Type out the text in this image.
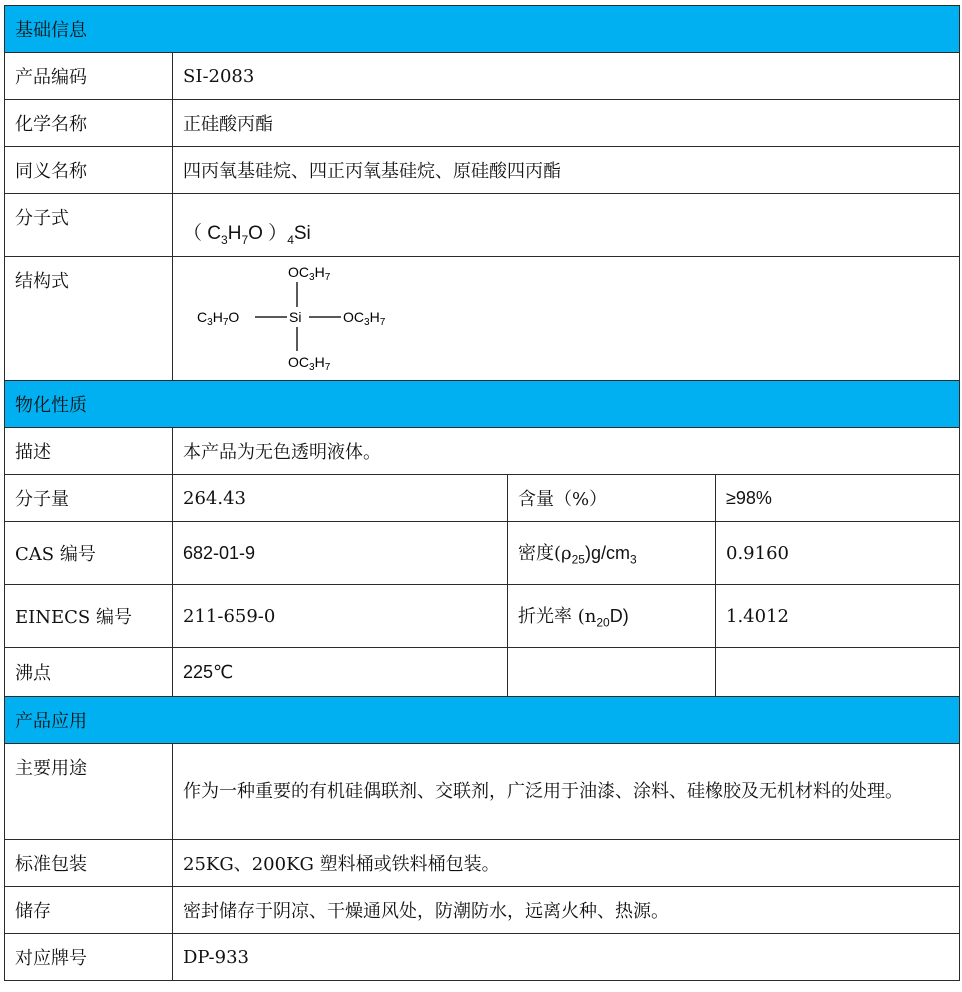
基础信息			
产品编码	SI-2083		
化学名称	正硅酸丙酯		
同义名称	四丙氧基硅烷、四正丙氧基硅烷、原硅酸四丙酯		
分子式	（ $C_3H_7O$ ）$_4Si$		
结构式	$OC_3H_7$
$C_3H_7O$ Si $OC_3H_7$
$OC_3H_7$

物化性质			
描述	本产品为无色透明液体。		
分子量	264.43	含量（%）	≥98%
CAS 编号	682-01-9	密度$(\rho_{25})g/cm_3$	0.9160
EINECS 编号	211-659-0	折光率 $(n_{20}D)$	1.4012
沸点	225℃		
产品应用			
主要用途	作为一种重要的有机硅偶联剂、交联剂，广泛用于油漆、涂料、硅橡胶及无机材料的处理。		
标准包装	25KG、200KG 塑料桶或铁料桶包装。		
储存	密封储存于阴凉、干燥通风处，防潮防水，远离火种、热源。		
对应牌号	DP-933		
